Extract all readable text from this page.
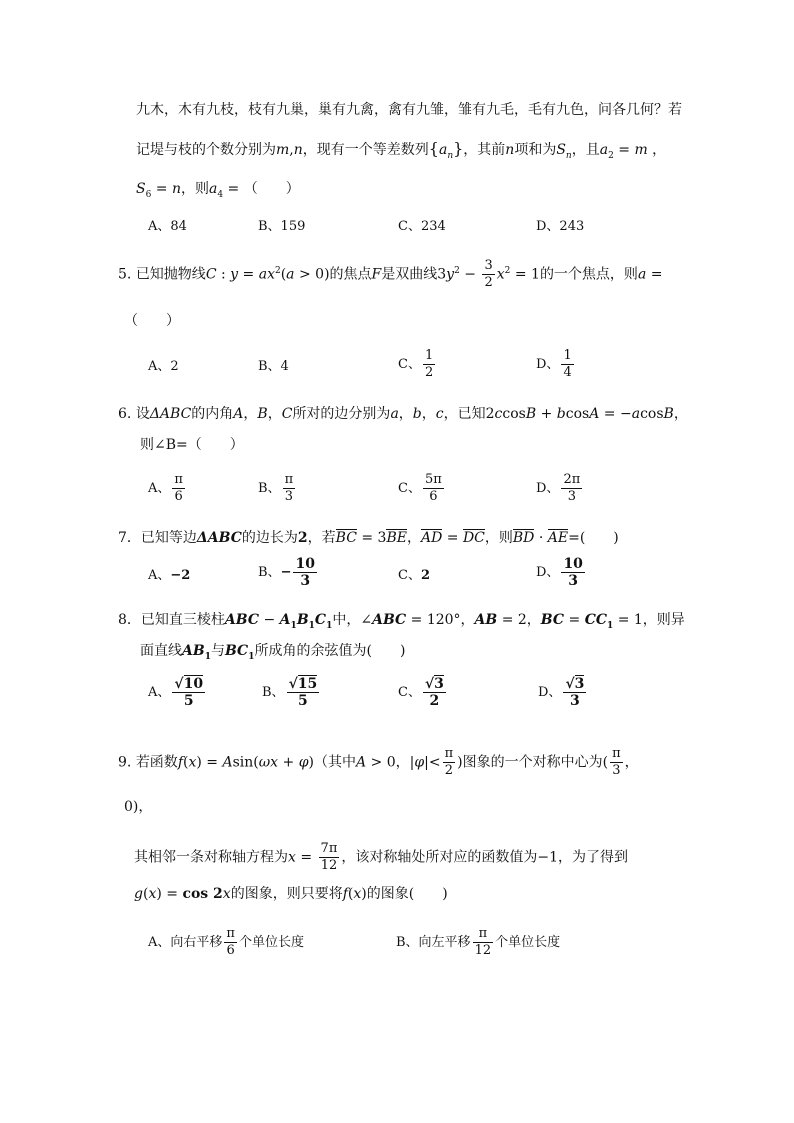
九木，木有九枝，枝有九巢，巢有九禽，禽有九雏，雏有九毛，毛有九色，问各几何？若
记堤与枝的个数分别为m,n，现有一个等差数列$\{a_n\}$，其前n项和为$S_n$，且$a_2 = m$ ，
$S_6 = n$，则$a_4$ = （　　）
A、84	B、159	C、234	D、243
5. 已知抛物线C : $y = ax^2(a > 0)$的焦点F是双曲线$3y^2 - \frac{3}{2} x^2 = 1$的一个焦点，则a =
（　　）
A、2	B、4	C、 $\frac{1}{2}$	D、 $\frac{1}{4}$
6. 设ΔABC的内角A，B，C所对的边分别为a，b，c，已知2ccosB + bcosA = −acosB，
则∠B=（　　）
A、 $\frac{\pi}{6}$	B、 $\frac{\pi}{3}$	C、 $\frac{5\pi}{6}$	D、 $\frac{2\pi}{3}$
7．已知等边ΔABC的边长为2，若BC = 3BE，AD = DC，则BD · AE=(　　)
A、−2	B、− $\frac{10}{3}$	C、2	D、 $\frac{10}{3}$
8．已知直三棱柱ABC − $A_1B_1C_1$中，∠ABC = 120°，AB = 2，BC = $CC_1 = 1$，则异
面直线$AB_1$与$BC_1$所成角的余弦值为(　　)
A、 $\frac{√10}{5}$	B、 $\frac{√15}{5}$	C、 $\frac{√3}{2}$	D、 $\frac{√3}{3}$
9. 若函数f(x) = Asin(ωx + φ)（其中A > 0，$|\varphi|< \frac{\pi}{2}$ )图象的一个对称中心为( $\frac{\pi}{3}$ ，
0)，
其相邻一条对称轴方程为$x = \frac{7\pi}{12}$ ，该对称轴处所对应的函数值为−1，为了得到
g(x) = cos 2x的图象，则只要将f(x)的图象(　　)
A、向右平移 $\frac{\pi}{6}$ 个单位长度	B、向左平移 $\frac{\pi}{12}$ 个单位长度
